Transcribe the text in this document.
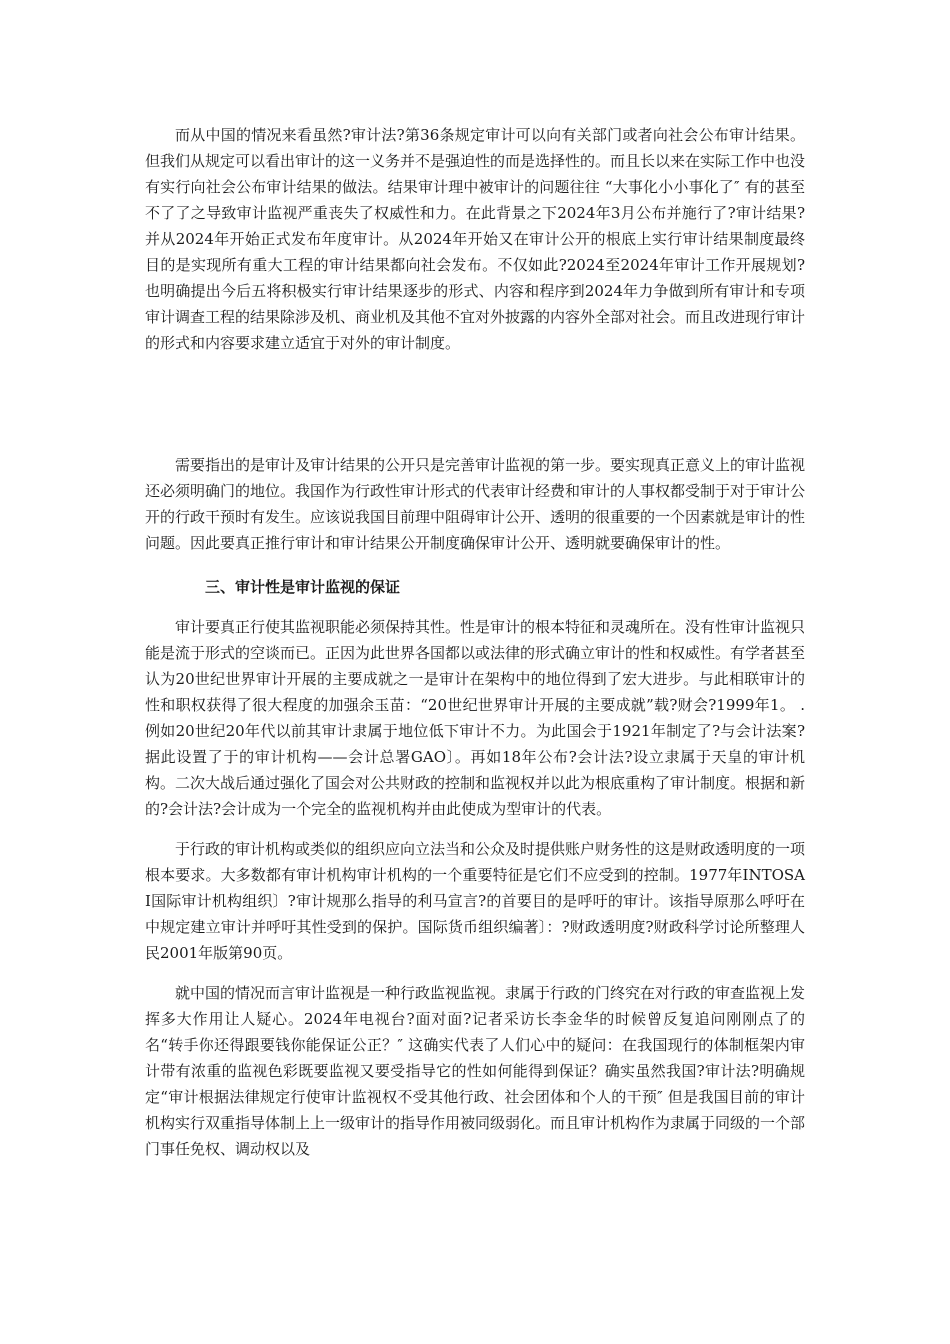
而从中国的情况来看虽然?审计法?第36条规定审计可以向有关部门或者向社会公布审计结果。但我们从规定可以看出审计的这一义务并不是强迫性的而是选择性的。而且长以来在实际工作中也没有实行向社会公布审计结果的做法。结果审计理中被审计的问题往往 “大事化小小事化了″ 有的甚至不了了之导致审计监视严重丧失了权威性和力。在此背景之下2024年3月公布并施行了?审计结果?并从2024年开始正式发布年度审计。从2024年开始又在审计公开的根底上实行审计结果制度最终目的是实现所有重大工程的审计结果都向社会发布。不仅如此?2024至2024年审计工作开展规划?也明确提出今后五将积极实行审计结果逐步的形式、内容和程序到2024年力争做到所有审计和专项审计调查工程的结果除涉及机、商业机及其他不宜对外披露的内容外全部对社会。而且改进现行审计的形式和内容要求建立适宜于对外的审计制度。

需要指出的是审计及审计结果的公开只是完善审计监视的第一步。要实现真正意义上的审计监视还必须明确门的地位。我国作为行政性审计形式的代表审计经费和审计的人事权都受制于对于审计公开的行政干预时有发生。应该说我国目前理中阻碍审计公开、透明的很重要的一个因素就是审计的性问题。因此要真正推行审计和审计结果公开制度确保审计公开、透明就要确保审计的性。

三、审计性是审计监视的保证

审计要真正行使其监视职能必须保持其性。性是审计的根本特征和灵魂所在。没有性审计监视只能是流于形式的空谈而已。正因为此世界各国都以或法律的形式确立审计的性和权威性。有学者甚至认为20世纪世界审计开展的主要成就之一是审计在架构中的地位得到了宏大进步。与此相联审计的性和职权获得了很大程度的加强余玉苗：“20世纪世界审计开展的主要成就”载?财会?1999年1。 .例如20世纪20年代以前其审计隶属于地位低下审计不力。为此国会于1921年制定了?与会计法案?据此设置了于的审计机构——会计总署GAO〕。再如18年公布?会计法?设立隶属于天皇的审计机构。二次大战后通过强化了国会对公共财政的控制和监视权并以此为根底重构了审计制度。根据和新的?会计法?会计成为一个完全的监视机构并由此使成为型审计的代表。

于行政的审计机构或类似的组织应向立法当和公众及时提供账户财务性的这是财政透明度的一项根本要求。大多数都有审计机构审计机构的一个重要特征是它们不应受到的控制。1977年INTOSAI国际审计机构组织〕?审计规那么指导的利马宣言?的首要目的是呼吁的审计。该指导原那么呼吁在中规定建立审计并呼吁其性受到的保护。国际货币组织编著〕：?财政透明度?财政科学讨论所整理人民2001年版第90页。

就中国的情况而言审计监视是一种行政监视监视。隶属于行政的门终究在对行政的审查监视上发挥多大作用让人疑心。2024年电视台?面对面?记者采访长李金华的时候曾反复追问刚刚点了的名“转手你还得跟要钱你能保证公正？″ 这确实代表了人们心中的疑问：在我国现行的体制框架内审计带有浓重的监视色彩既要监视又要受指导它的性如何能得到保证？确实虽然我国?审计法?明确规定“审计根据法律规定行使审计监视权不受其他行政、社会团体和个人的干预″ 但是我国目前的审计机构实行双重指导体制上上一级审计的指导作用被同级弱化。而且审计机构作为隶属于同级的一个部门事任免权、调动权以及
